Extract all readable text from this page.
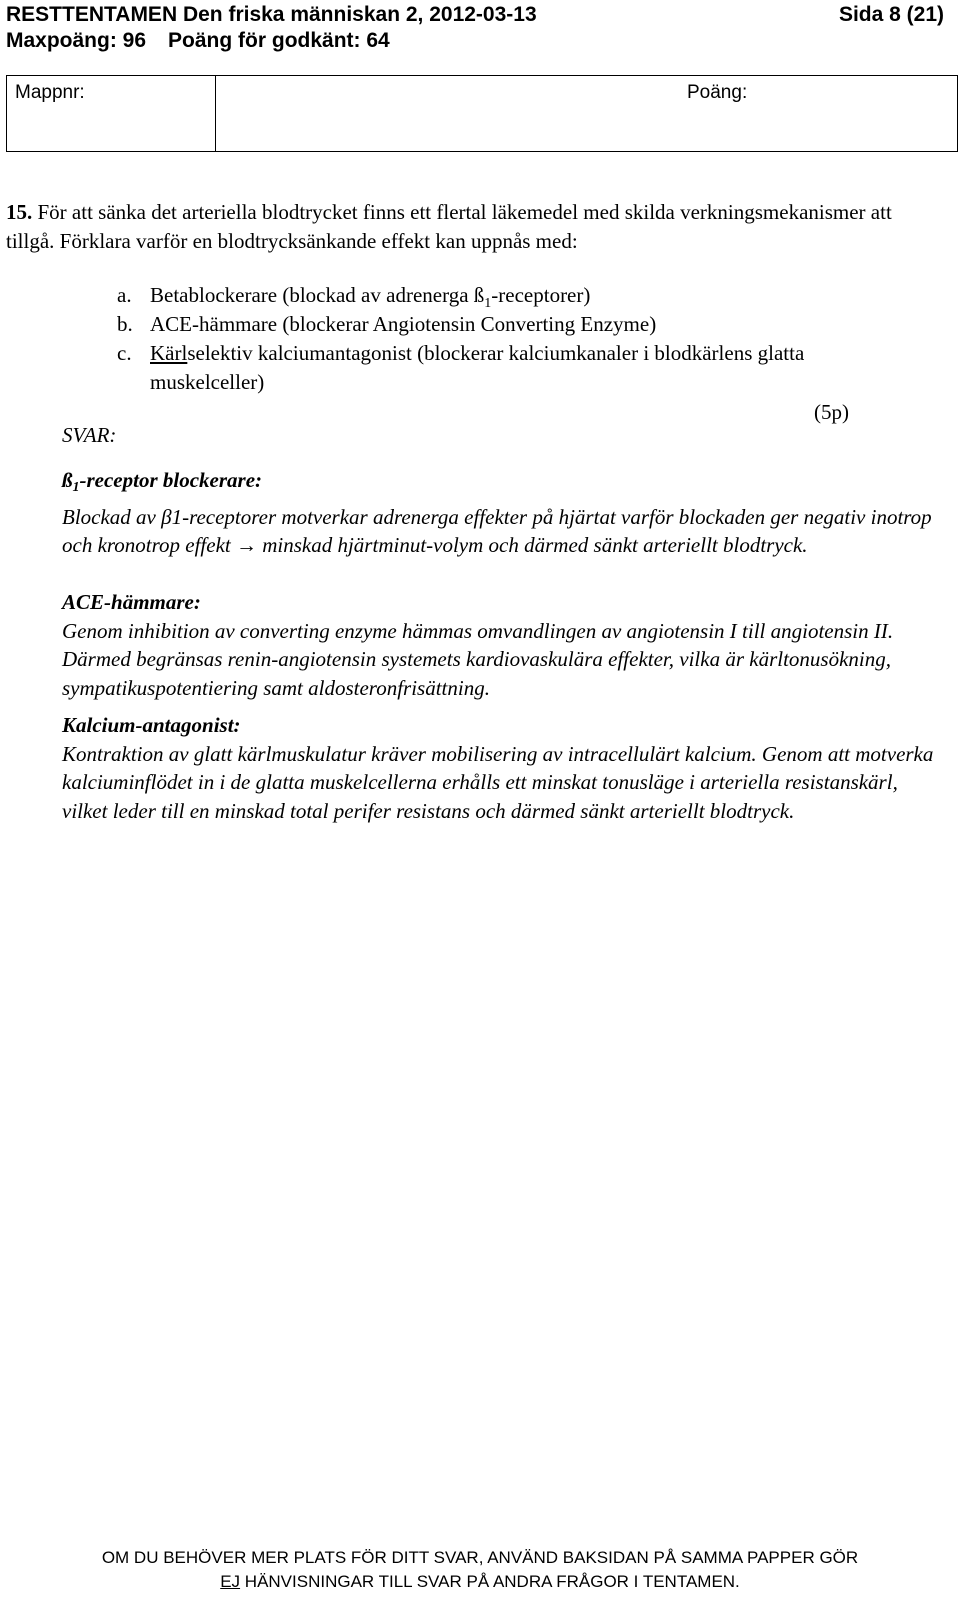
RESTTENTAMEN Den friska människan 2, 2012-03-13	Sida 8 (21)
Maxpoäng: 96 Poäng för godkänt: 64
Mappnr:	Poäng:
15. För att sänka det arteriella blodtrycket finns ett flertal läkemedel med skilda verkningsmekanismer att tillgå. Förklara varför en blodtrycksänkande effekt kan uppnås med:
a. Betablockerare (blockad av adrenerga $ß_1-receptorer$)
b. ACE-hämmare (blockerar Angiotensin Converting Enzyme)
c. Kärlselektiv kalciumantagonist (blockerar kalciumkanaler i blodkärlens glatta muskelceller)
(5p)
SVAR:
$ß_1$-receptor blockerare:
Blockad av β1-receptorer motverkar adrenerga effekter på hjärtat varför blockaden ger negativ inotrop och kronotrop effekt → minskad hjärtminut-volym och därmed sänkt arteriellt blodtryck.
ACE-hämmare:
Genom inhibition av converting enzyme hämmas omvandlingen av angiotensin I till angiotensin II. Därmed begränsas renin-angiotensin systemets kardiovaskulära effekter, vilka är kärltonusökning, sympatikuspotentiering samt aldosteronfrisättning.
Kalcium-antagonist:
Kontraktion av glatt kärlmuskulatur kräver mobilisering av intracellulärt kalcium. Genom att motverka kalciuminflödet in i de glatta muskelcellerna erhålls ett minskat tonusläge i arteriella resistanskärl, vilket leder till en minskad total perifer resistans och därmed sänkt arteriellt blodtryck.
OM DU BEHÖVER MER PLATS FÖR DITT SVAR, ANVÄND BAKSIDAN PÅ SAMMA PAPPER GÖR
EJ HÄNVISNINGAR TILL SVAR PÅ ANDRA FRÅGOR I TENTAMEN.
